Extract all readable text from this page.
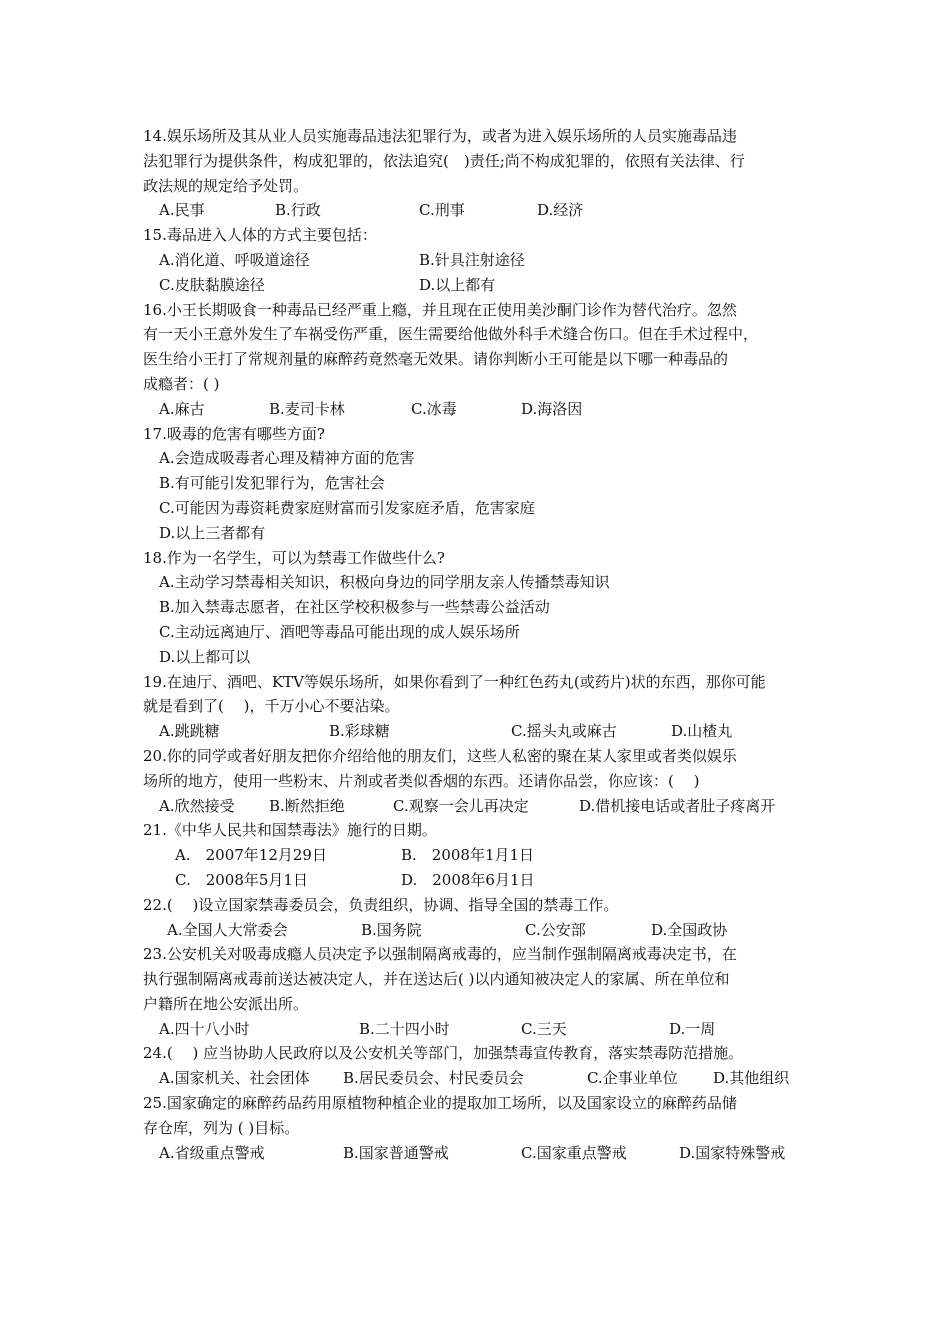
14.娱乐场所及其从业人员实施毒品违法犯罪行为，或者为进入娱乐场所的人员实施毒品违
法犯罪行为提供条件，构成犯罪的，依法追究(　)责任;尚不构成犯罪的，依照有关法律、行
政法规的规定给予处罚。
A.民事	B.行政	C.刑事	D.经济
15.毒品进入人体的方式主要包括：
A.消化道、呼吸道途径	B.针具注射途径
C.皮肤黏膜途径	D.以上都有
16.小王长期吸食一种毒品已经严重上瘾，并且现在正使用美沙酮门诊作为替代治疗。忽然
有一天小王意外发生了车祸受伤严重，医生需要给他做外科手术缝合伤口。但在手术过程中，
医生给小王打了常规剂量的麻醉药竟然毫无效果。请你判断小王可能是以下哪一种毒品的
成瘾者：( )
A.麻古	B.麦司卡林	C.冰毒	D.海洛因
17.吸毒的危害有哪些方面?
A.会造成吸毒者心理及精神方面的危害
B.有可能引发犯罪行为，危害社会
C.可能因为毒资耗费家庭财富而引发家庭矛盾，危害家庭
D.以上三者都有
18.作为一名学生，可以为禁毒工作做些什么?
A.主动学习禁毒相关知识，积极向身边的同学朋友亲人传播禁毒知识
B.加入禁毒志愿者，在社区学校积极参与一些禁毒公益活动
C.主动远离迪厅、酒吧等毒品可能出现的成人娱乐场所
D.以上都可以
19.在迪厅、酒吧、KTV等娱乐场所，如果你看到了一种红色药丸(或药片)状的东西，那你可能
就是看到了(　 )，千万小心不要沾染。
A.跳跳糖	B.彩球糖	C.摇头丸或麻古	D.山楂丸
20.你的同学或者好朋友把你介绍给他的朋友们，这些人私密的聚在某人家里或者类似娱乐
场所的地方，使用一些粉末、片剂或者类似香烟的东西。还请你品尝，你应该：(　 )
A.欣然接受	B.断然拒绝	C.观察一会儿再决定	D.借机接电话或者肚子疼离开
21.《中华人民共和国禁毒法》施行的日期。
A.　2007年12月29日	B.　2008年1月1日
C.　2008年5月1日	D.　2008年6月1日
22.(　 )设立国家禁毒委员会，负责组织，协调、指导全国的禁毒工作。
A.全国人大常委会	B.国务院	C.公安部	D.全国政协
23.公安机关对吸毒成瘾人员决定予以强制隔离戒毒的，应当制作强制隔离戒毒决定书，在
执行强制隔离戒毒前送达被决定人，并在送达后( )以内通知被决定人的家属、所在单位和
户籍所在地公安派出所。
A.四十八小时	B.二十四小时	C.三天	D.一周
24.(　 ) 应当协助人民政府以及公安机关等部门，加强禁毒宣传教育，落实禁毒防范措施。
A.国家机关、社会团体	B.居民委员会、村民委员会	C.企事业单位	D.其他组织
25.国家确定的麻醉药品药用原植物种植企业的提取加工场所，以及国家设立的麻醉药品储
存仓库，列为 ( )目标。
A.省级重点警戒	B.国家普通警戒	C.国家重点警戒	D.国家特殊警戒
